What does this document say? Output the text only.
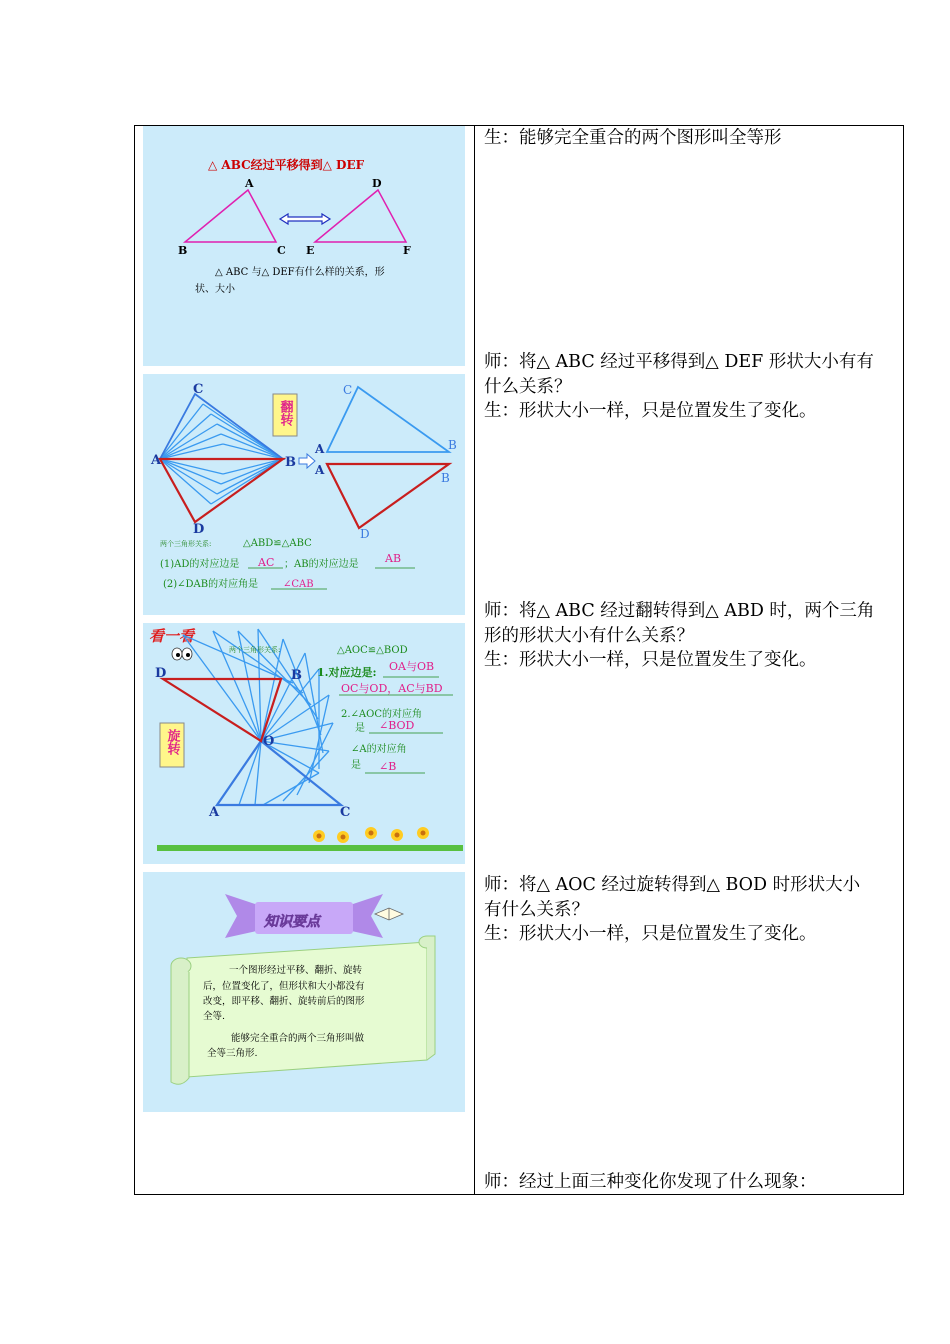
△ ABC经过平移得到△ DEF
A
B	C
D
E	F
△ ABC 与△ DEF有什么样的关系，形
状、大小
C
A	B
D
翻转
C
A	B
A
B
D
两个三角形关系:	△ABD≌△ABC
(1)AD的对应边是 AC ；AB的对应边是 AB
(2)∠DAB的对应角是 ∠CAB
看一看
D	B
O
A	C
旋转
两个三角形关系:	△AOC≌△BOD
1.对应边是: OA与OB
OC与OD，AC与BD
2.∠AOC的对应角
是 ∠BOD
∠A的对应角
是 ∠B
知识要点
一个图形经过平移、翻折、旋转
后，位置变化了，但形状和大小都没有
改变，即平移、翻折、旋转前后的图形
全等.
能够完全重合的两个三角形叫做
全等三角形.

生：能够完全重合的两个图形叫全等形

师：将△ ABC 经过平移得到△ DEF 形状大小有有

什么关系？

生：形状大小一样，只是位置发生了变化。

师：将△ ABC 经过翻转得到△ ABD 时，两个三角

形的形状大小有什么关系？

生：形状大小一样，只是位置发生了变化。

师：将△ AOC 经过旋转得到△ BOD 时形状大小

有什么关系？

生：形状大小一样，只是位置发生了变化。

师：经过上面三种变化你发现了什么现象：
